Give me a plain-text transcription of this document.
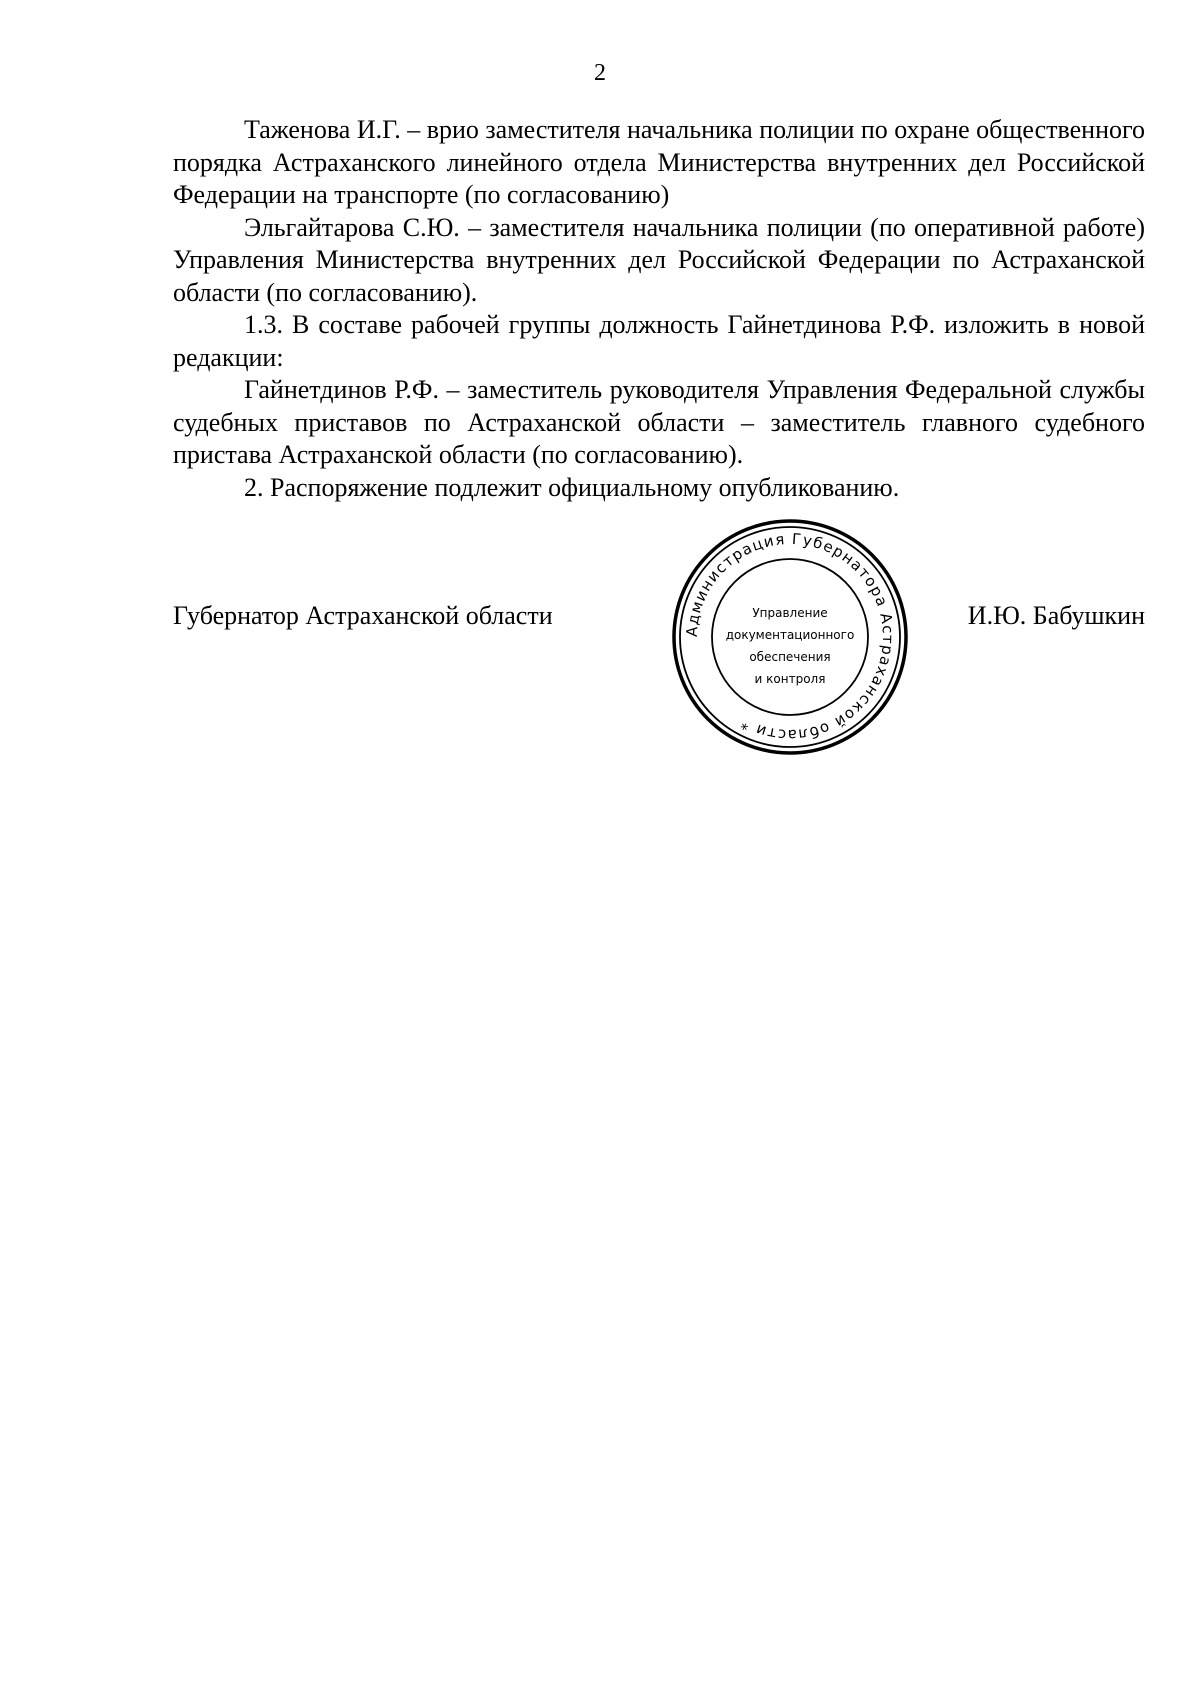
2

Таженова И.Г. – врио заместителя начальника полиции по охране общественного порядка Астраханского линейного отдела Министерства внутренних дел Российской Федерации на транспорте (по согласованию)

Эльгайтарова С.Ю. – заместителя начальника полиции (по оперативной работе) Управления Министерства внутренних дел Российской Федерации по Астраханской области (по согласованию).

1.3. В составе рабочей группы должность Гайнетдинова Р.Ф. изложить в новой редакции:

Гайнетдинов Р.Ф. – заместитель руководителя Управления Федеральной службы судебных приставов по Астраханской области – заместитель главного судебного пристава Астраханской области (по согласованию).

2. Распоряжение подлежит официальному опубликованию.

Губернатор Астраханской области	И.Ю. Бабушкин
Администрация Губернатора Астраханской области *
Управление
документационного
обеспечения
и контроля
